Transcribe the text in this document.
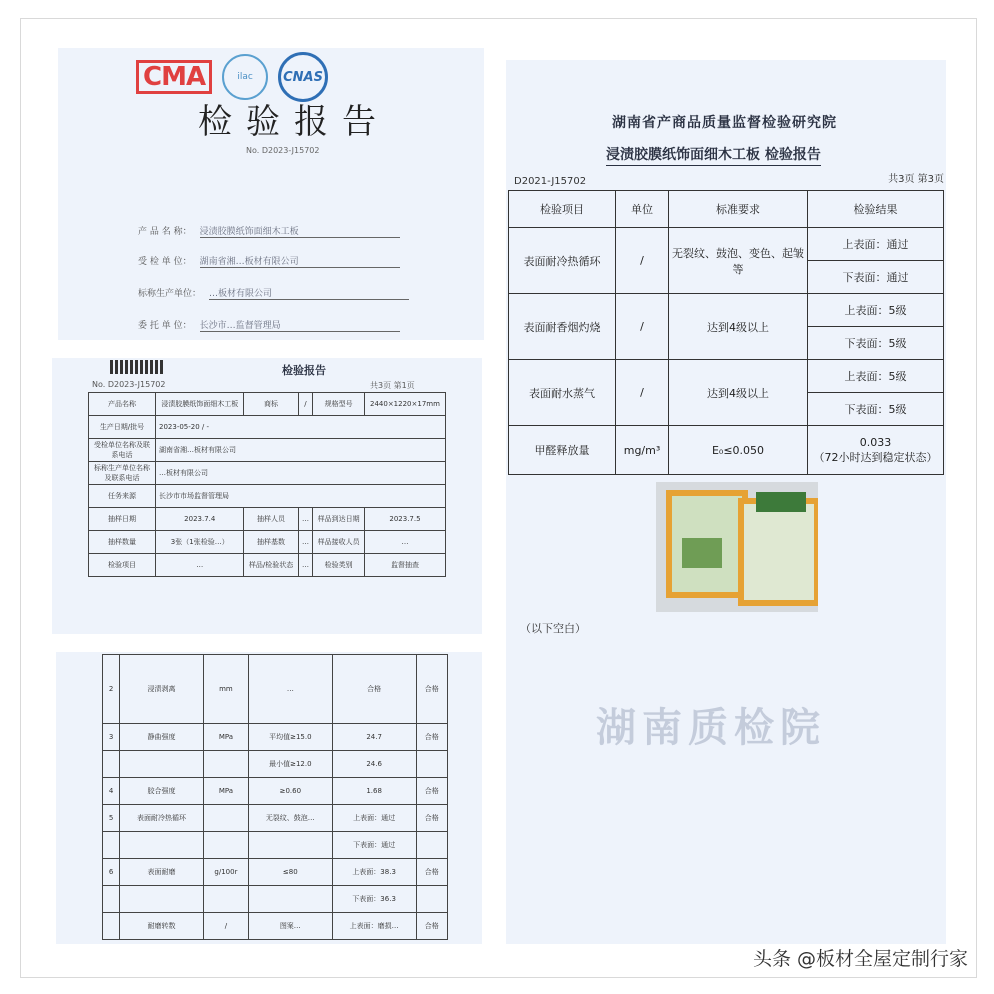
CMA	ilac	CNAS
检验报告
No. D2023-J15702
产 品 名 称： 浸渍胶膜纸饰面细木工板
受 检 单 位： 湖南省湘…板材有限公司
标称生产单位： …板材有限公司
委 托 单 位： 长沙市…监督管理局
检验报告
No. D2023-J15702	共3页 第1页
产品名称	浸渍胶膜纸饰面细木工板	商标	/	规格型号	2440×1220×17mm
生产日期/批号	2023-05-20 / -				
受检单位名称及联系电话	湖南省湘…板材有限公司				
标称生产单位名称及联系电话	…板材有限公司				
任务来源	长沙市市场监督管理局				
抽样日期	2023.7.4	抽样人员	…	样品到达日期	2023.7.5
抽样数量	3张（1张检验…）	抽样基数	…	样品接收人员	…
检验项目	…	样品/检验状态	…	检验类别	监督抽查
2	浸渍剥离	mm	…	合格	合格
3	静曲强度	MPa	平均值≥15.0	24.7	合格
			最小值≥12.0	24.6	
4	胶合强度	MPa	≥0.60	1.68	合格
5	表面耐冷热循环		无裂纹、鼓泡…	上表面：通过	合格
				下表面：通过	
6	表面耐磨	g/100r	≤80	上表面：38.3	合格
				下表面：36.3	
	耐磨转数	/	图案…	上表面：磨损…	合格
湖南省产商品质量监督检验研究院
浸渍胶膜纸饰面细木工板 检验报告
D2021-J15702	共3页 第3页
检验项目	单位	标准要求	检验结果
表面耐冷热循环	/	无裂纹、鼓泡、变色、起皱等	上表面：通过
			下表面：通过
表面耐香烟灼烧	/	达到4级以上	上表面：5级
			下表面：5级
表面耐水蒸气	/	达到4级以上	上表面：5级
			下表面：5级
甲醛释放量	mg/m³	E₀≤0.050	0.033
（72小时达到稳定状态）
（以下空白）
湖南质检院
头条 @板材全屋定制行家
